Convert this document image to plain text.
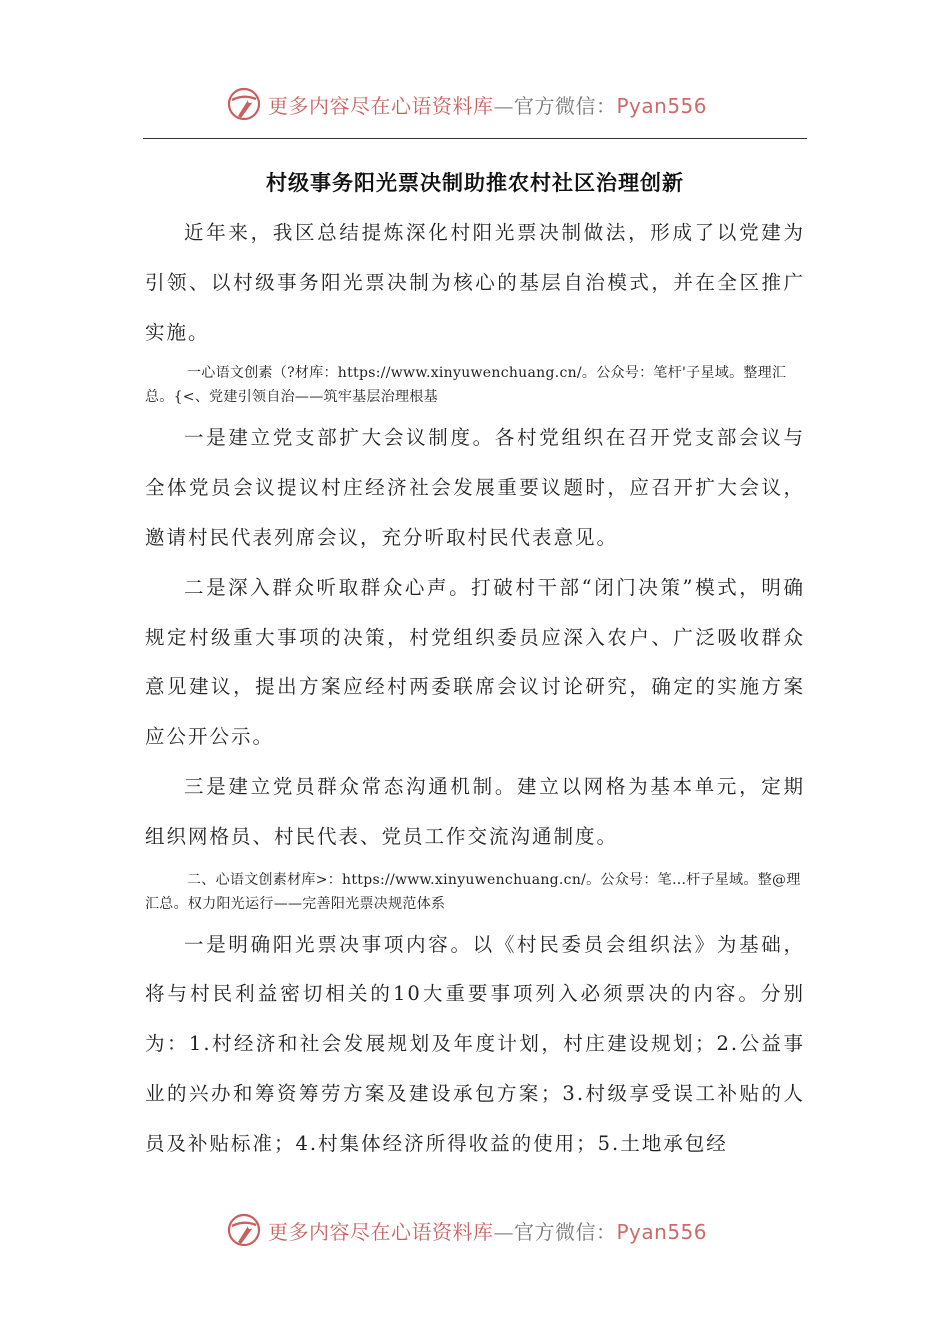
更多内容尽在心语资料库—官方微信：Pyan556
村级事务阳光票决制助推农村社区治理创新

近年来，我区总结提炼深化村阳光票决制做法，形成了以党建为引领、以村级事务阳光票决制为核心的基层自治模式，并在全区推广实施。

一心语文创素（?材库：https://www.xinyuwenchuang.cn/。公众号：笔杆'子星域。整理汇总。{<、党建引领自治——筑牢基层治理根基

一是建立党支部扩大会议制度。各村党组织在召开党支部会议与全体党员会议提议村庄经济社会发展重要议题时，应召开扩大会议，邀请村民代表列席会议，充分听取村民代表意见。

二是深入群众听取群众心声。打破村干部“闭门决策”模式，明确规定村级重大事项的决策，村党组织委员应深入农户、广泛吸收群众意见建议，提出方案应经村两委联席会议讨论研究，确定的实施方案应公开公示。

三是建立党员群众常态沟通机制。建立以网格为基本单元，定期组织网格员、村民代表、党员工作交流沟通制度。

二、心语文创素材库>：https://www.xinyuwenchuang.cn/。公众号：笔…杆子星域。整@理汇总。权力阳光运行——完善阳光票决规范体系

一是明确阳光票决事项内容。以《村民委员会组织法》为基础，将与村民利益密切相关的10大重要事项列入必须票决的内容。分别为：1.村经济和社会发展规划及年度计划，村庄建设规划；2.公益事业的兴办和筹资筹劳方案及建设承包方案；3.村级享受误工补贴的人员及补贴标准；4.村集体经济所得收益的使用；5.土地承包经

更多内容尽在心语资料库—官方微信：Pyan556
